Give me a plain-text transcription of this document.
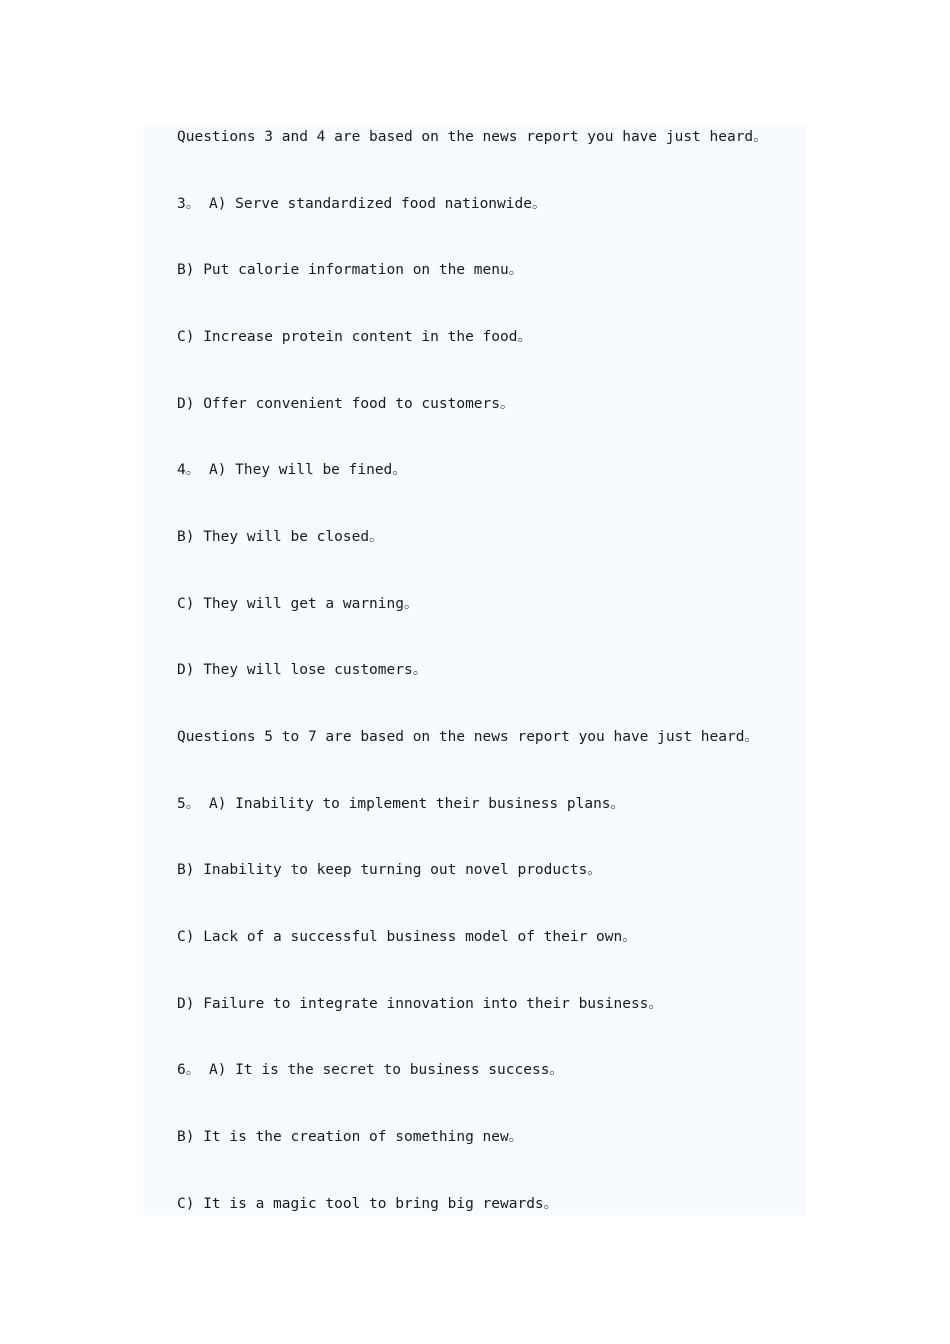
Questions 3 and 4 are based on the news report you have just heard。

3。 A) Serve standardized food nationwide。

B) Put calorie information on the menu。

C) Increase protein content in the food。

D) Offer convenient food to customers。

4。 A) They will be fined。

B) They will be closed。

C) They will get a warning。

D) They will lose customers。

Questions 5 to 7 are based on the news report you have just heard。

5。 A) Inability to implement their business plans。

B) Inability to keep turning out novel products。

C) Lack of a successful business model of their own。

D) Failure to integrate innovation into their business。

6。 A) It is the secret to business success。

B) It is the creation of something new。

C) It is a magic tool to bring big rewards。
